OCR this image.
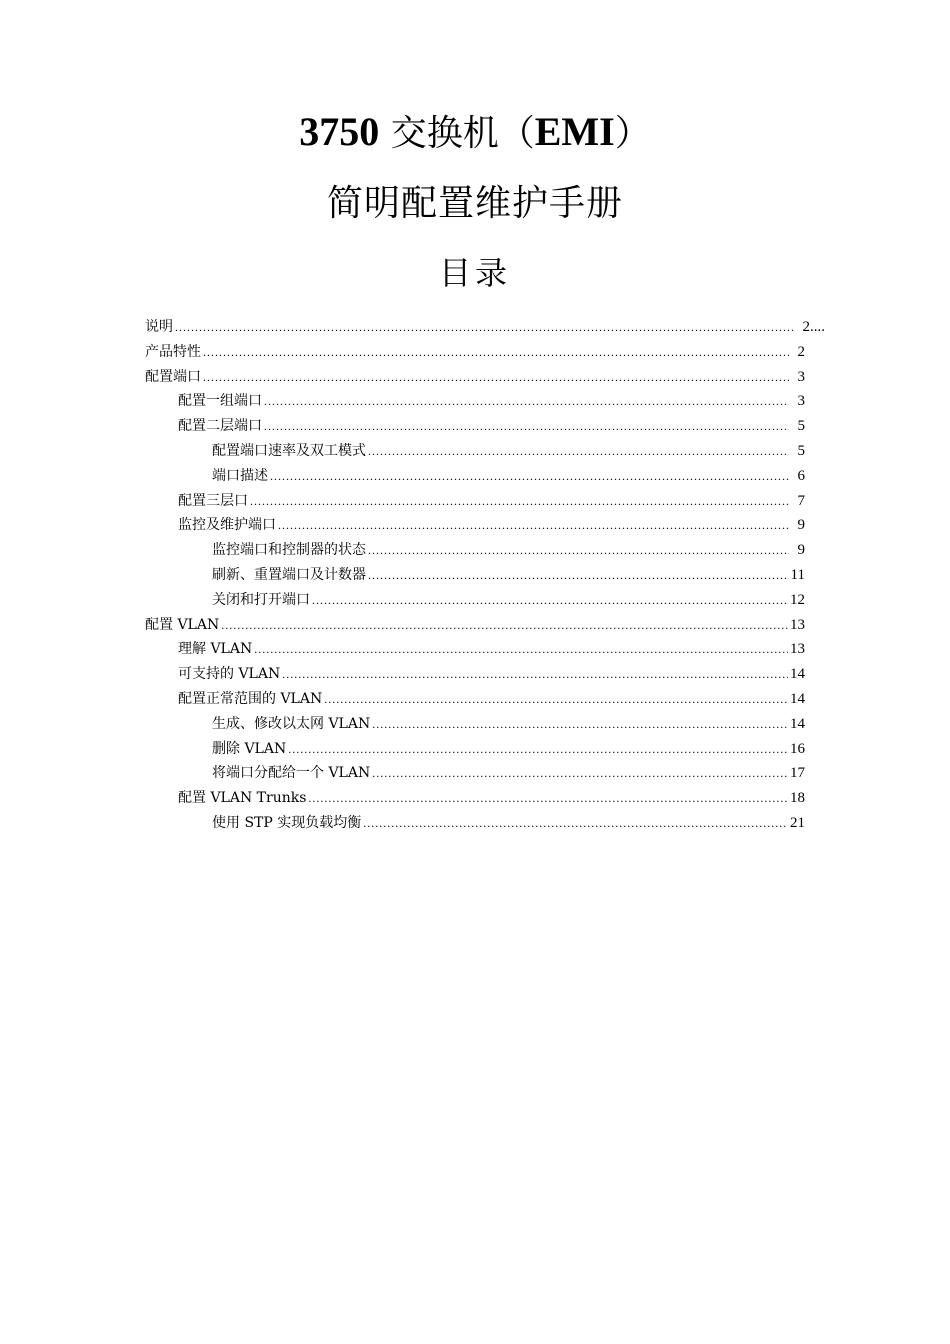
3750 交换机（EMI）
简明配置维护手册
目录
说明 .....	2....
产品特性 .....	2
配置端口 .....	3
配置一组端口 .....	3
配置二层端口 .....	5
配置端口速率及双工模式 .....	5
端口描述 .....	6
配置三层口 .....	7
监控及维护端口 .....	9
监控端口和控制器的状态 .....	9
刷新、重置端口及计数器 .....	11
关闭和打开端口 .....	12
配置 VLAN .....	13
理解 VLAN .....	13
可支持的 VLAN .....	14
配置正常范围的 VLAN .....	14
生成、修改以太网 VLAN .....	14
删除 VLAN .....	16
将端口分配给一个 VLAN .....	17
配置 VLAN Trunks .....	18
使用 STP 实现负载均衡 .....	21
